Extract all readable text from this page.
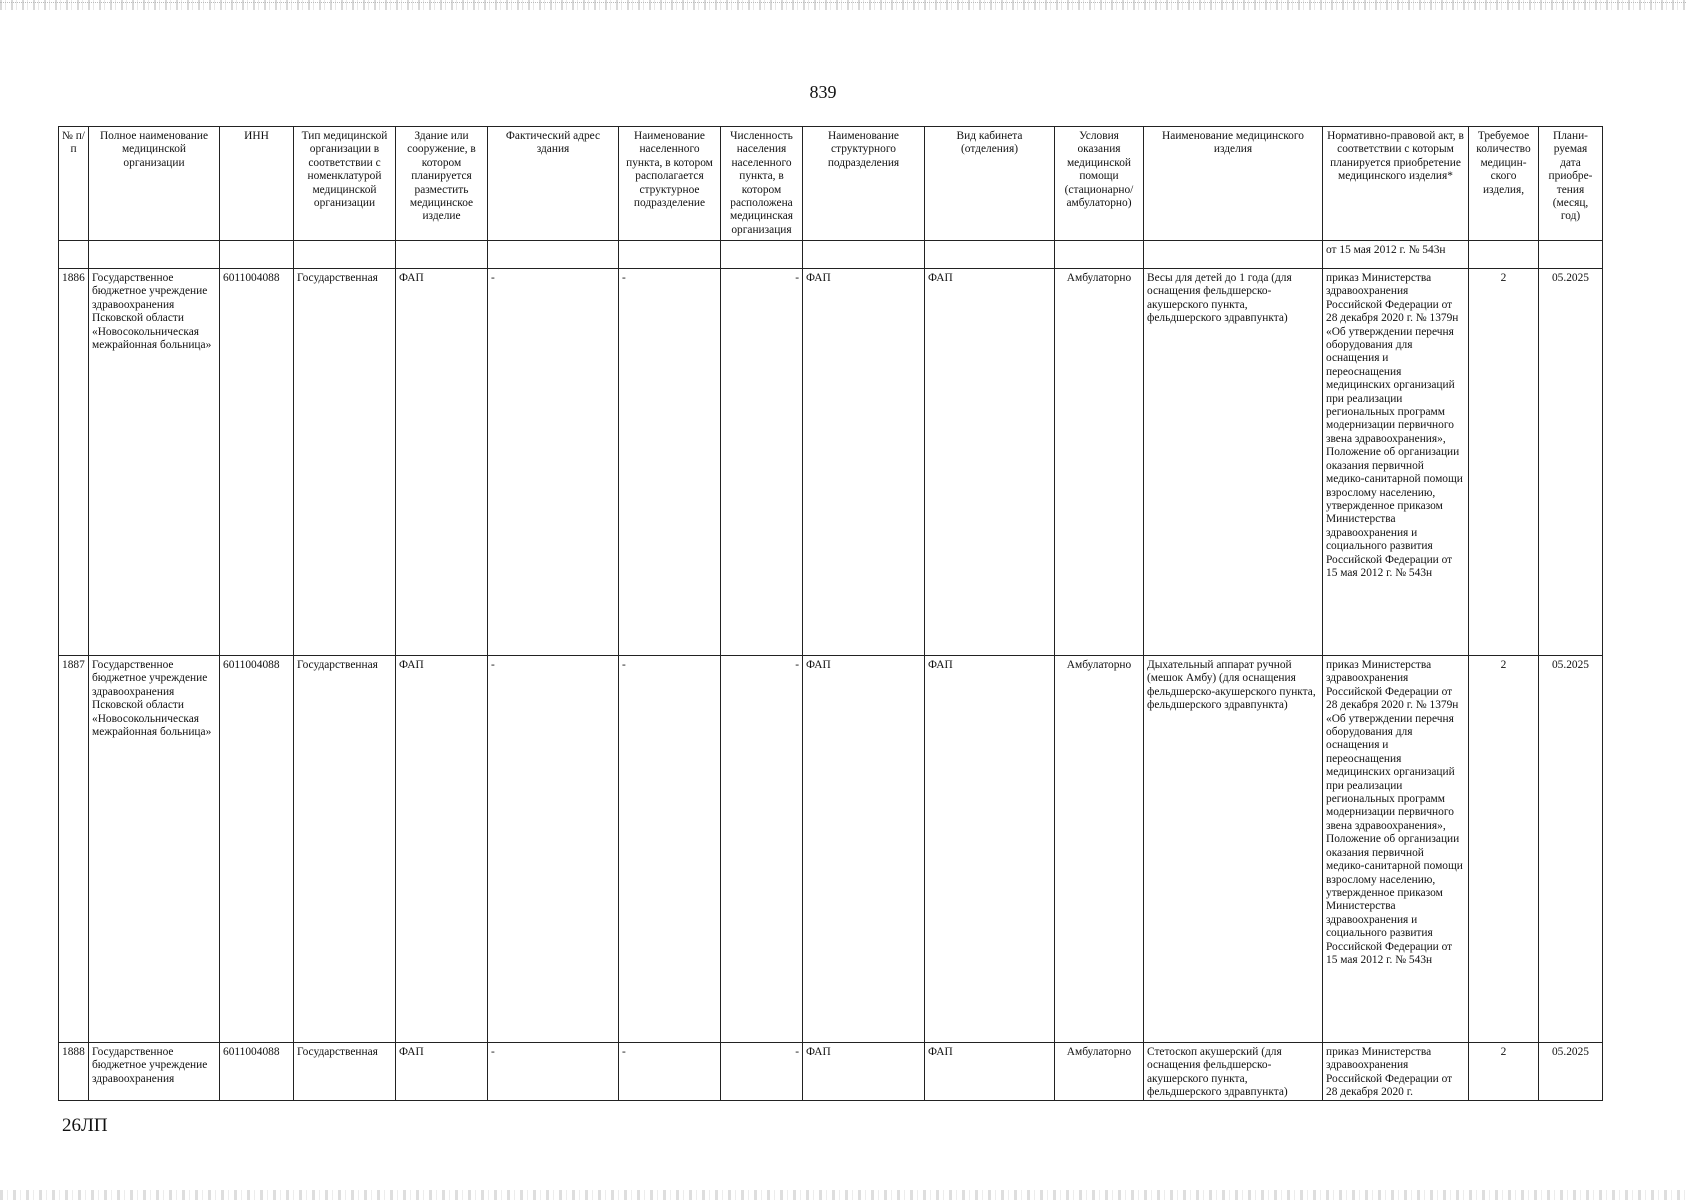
839
№ п/п	Полное наименование медицинской организации	ИНН	Тип медицинской организации в соответствии с номенклатурой медицинской организации	Здание или сооружение, в котором планируется разместить медицинское изделие	Фактический адрес здания	Наименование населенного пункта, в котором располагается структурное подразделение	Численность населения населенного пункта, в котором расположена медицинская организация	Наименование структурного подразделения	Вид кабинета (отделения)	Условия оказания медицинской помощи (стационарно/ амбулаторно)	Наименование медицинского изделия	Нормативно-правовой акт, в соответствии с которым планируется приобретение медицинского изделия*	Требуемое количество медицин-ского изделия,	Плани-руемая дата приобре-тения (месяц, год)
												от 15 мая 2012 г. № 543н		
1886	Государственное бюджетное учреждение здравоохранения Псковской области «Новосокольническая межрайонная больница»	6011004088	Государственная	ФАП	-	-	-	ФАП	ФАП	Амбулаторно	Весы для детей до 1 года (для оснащения фельдшерско-акушерского пункта, фельдшерского здравпункта)	приказ Министерства здравоохранения Российской Федерации от 28 декабря 2020 г. № 1379н «Об утверждении перечня оборудования для оснащения и переоснащения медицинских организаций при реализации региональных программ модернизации первичного звена здравоохранения», Положение об организации оказания первичной медико-санитарной помощи взрослому населению, утвержденное приказом Министерства здравоохранения и социального развития Российской Федерации от 15 мая 2012 г. № 543н	2	05.2025
1887	Государственное бюджетное учреждение здравоохранения Псковской области «Новосокольническая межрайонная больница»	6011004088	Государственная	ФАП	-	-	-	ФАП	ФАП	Амбулаторно	Дыхательный аппарат ручной (мешок Амбу) (для оснащения фельдшерско-акушерского пункта, фельдшерского здравпункта)	приказ Министерства здравоохранения Российской Федерации от 28 декабря 2020 г. № 1379н «Об утверждении перечня оборудования для оснащения и переоснащения медицинских организаций при реализации региональных программ модернизации первичного звена здравоохранения», Положение об организации оказания первичной медико-санитарной помощи взрослому населению, утвержденное приказом Министерства здравоохранения и социального развития Российской Федерации от 15 мая 2012 г. № 543н	2	05.2025
1888	Государственное бюджетное учреждение здравоохранения	6011004088	Государственная	ФАП	-	-	-	ФАП	ФАП	Амбулаторно	Стетоскоп акушерский (для оснащения фельдшерско-акушерского пункта, фельдшерского здравпункта)	приказ Министерства здравоохранения Российской Федерации от 28 декабря 2020 г.	2	05.2025
26ЛП
